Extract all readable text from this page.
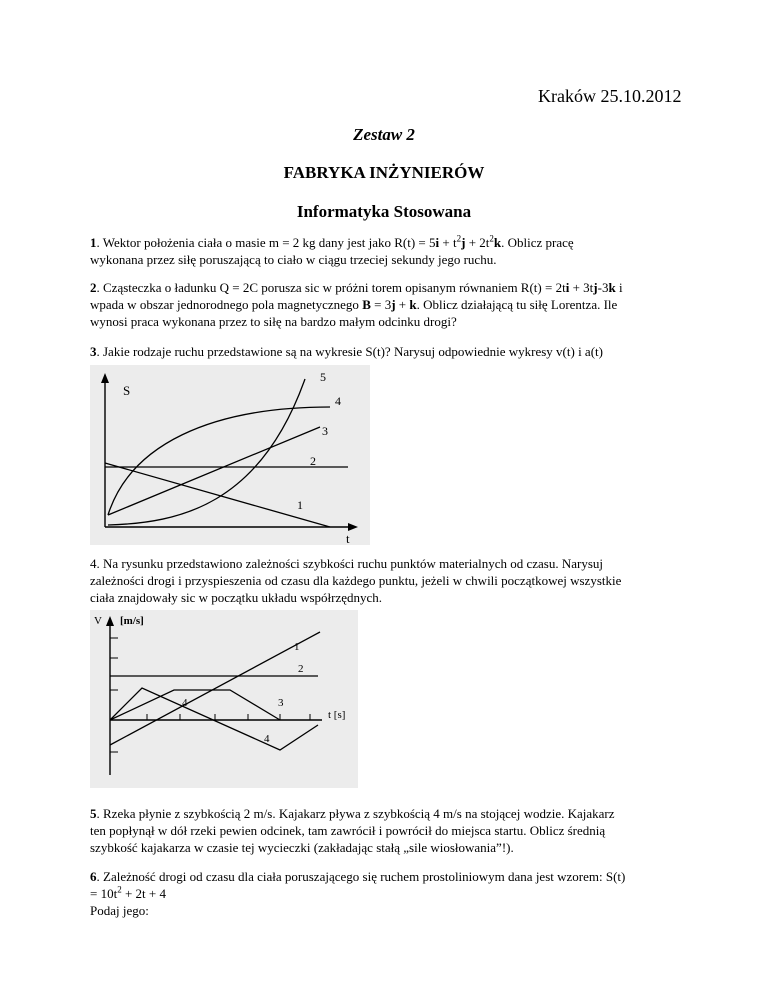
Kraków 25.10.2012
Zestaw 2
FABRYKA INŻYNIERÓW
Informatyka Stosowana
1. Wektor położenia ciała o masie m = 2 kg dany jest jako $R(t) = 5i + t^2j + 2t^2k$. Oblicz pracę
wykonana przez siłę poruszającą to ciało w ciągu trzeciej sekundy jego ruchu.
2. Cząsteczka o ładunku Q = 2C porusza sic w próżni torem opisanym równaniem R(t) = 2ti + 3tj-3k i
wpada w obszar jednorodnego pola magnetycznego B = 3j + k. Oblicz działającą tu siłę Lorentza. Ile
wynosi praca wykonana przez to siłę na bardzo małym odcinku drogi?
3. Jakie rodzaje ruchu przedstawione są na wykresie S(t)? Narysuj odpowiednie wykresy v(t) i a(t)
S
t
1
2
3
4
5
4. Na rysunku przedstawiono zależności szybkości ruchu punktów materialnych od czasu. Narysuj
zależności drogi i przyspieszenia od czasu dla każdego punktu, jeżeli w chwili początkowej wszystkie
ciała znajdowały sic w początku układu współrzędnych.
V [m/s]
t [s]
1
2
3
4
4
5. Rzeka płynie z szybkością 2 m/s. Kajakarz pływa z szybkością 4 m/s na stojącej wodzie. Kajakarz
ten popłynął w dół rzeki pewien odcinek, tam zawrócił i powrócił do miejsca startu. Oblicz średnią
szybkość kajakarza w czasie tej wycieczki (zakładając stałą „sile wiosłowania”!).
6. Zależność drogi od czasu dla ciała poruszającego się ruchem prostoliniowym dana jest wzorem: S(t)
= $10t^2 + 2t + 4$
Podaj jego:
